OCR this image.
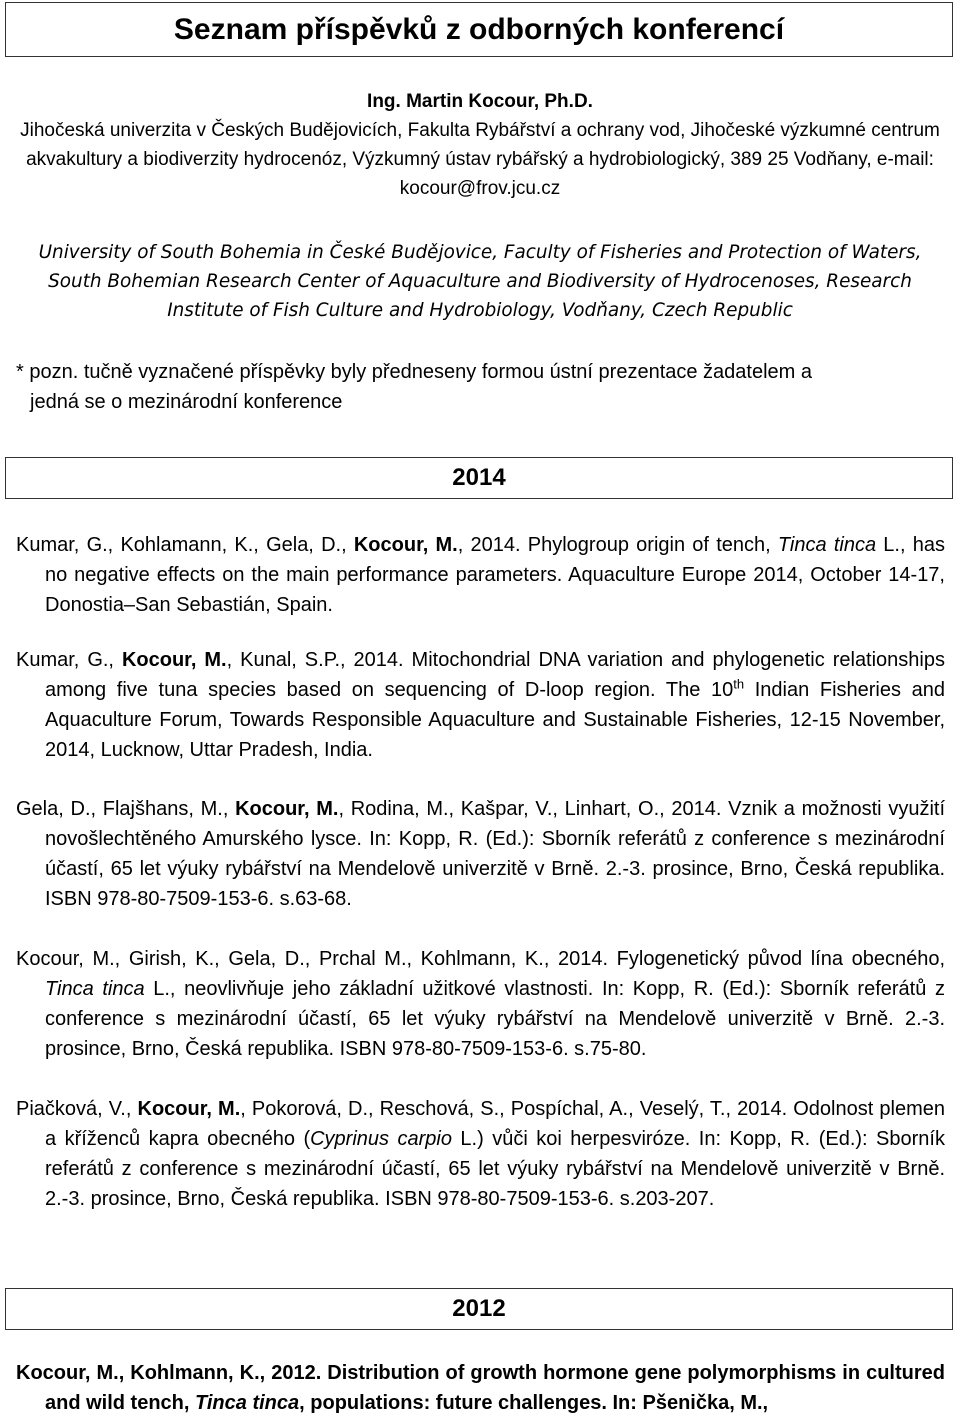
Seznam příspěvků z odborných konferencí
Ing. Martin Kocour, Ph.D.
Jihočeská univerzita v Českých Budějovicích, Fakulta Rybářství a ochrany vod, Jihočeské výzkumné centrum akvakultury a biodiverzity hydrocenóz, Výzkumný ústav rybářský a hydrobiologický, 389 25 Vodňany, e-mail: kocour@frov.jcu.cz
University of South Bohemia in České Budějovice, Faculty of Fisheries and Protection of Waters, South Bohemian Research Center of Aquaculture and Biodiversity of Hydrocenoses, Research Institute of Fish Culture and Hydrobiology, Vodňany, Czech Republic
* pozn. tučně vyznačené příspěvky byly předneseny formou ústní prezentace žadatelem a
jedná se o mezinárodní konference
2014
Kumar, G., Kohlamann, K., Gela, D., Kocour, M., 2014. Phylogroup origin of tench, Tinca tinca L., has no negative effects on the main performance parameters. Aquaculture Europe 2014, October 14-17, Donostia–San Sebastián, Spain.
Kumar, G., Kocour, M., Kunal, S.P., 2014. Mitochondrial DNA variation and phylogenetic relationships among five tuna species based on sequencing of D-loop region. The 10th Indian Fisheries and Aquaculture Forum, Towards Responsible Aquaculture and Sustainable Fisheries, 12-15 November, 2014, Lucknow, Uttar Pradesh, India.
Gela, D., Flajšhans, M., Kocour, M., Rodina, M., Kašpar, V., Linhart, O., 2014. Vznik a možnosti využití novošlechtěného Amurského lysce. In: Kopp, R. (Ed.): Sborník referátů z conference s mezinárodní účastí, 65 let výuky rybářství na Mendelově univerzitě v Brně. 2.-3. prosince, Brno, Česká republika. ISBN 978-80-7509-153-6. s.63-68.
Kocour, M., Girish, K., Gela, D., Prchal M., Kohlmann, K., 2014. Fylogenetický původ lína obecného, Tinca tinca L., neovlivňuje jeho základní užitkové vlastnosti. In: Kopp, R. (Ed.): Sborník referátů z conference s mezinárodní účastí, 65 let výuky rybářství na Mendelově univerzitě v Brně. 2.-3. prosince, Brno, Česká republika. ISBN 978-80-7509-153-6. s.75-80.
Piačková, V., Kocour, M., Pokorová, D., Reschová, S., Pospíchal, A., Veselý, T., 2014. Odolnost plemen a kříženců kapra obecného (Cyprinus carpio L.) vůči koi herpesviróze. In: Kopp, R. (Ed.): Sborník referátů z conference s mezinárodní účastí, 65 let výuky rybářství na Mendelově univerzitě v Brně. 2.-3. prosince, Brno, Česká republika. ISBN 978-80-7509-153-6. s.203-207.
2012
Kocour, M., Kohlmann, K., 2012. Distribution of growth hormone gene polymorphisms in cultured and wild tench, Tinca tinca, populations: future challenges. In: Pšenička, M.,
